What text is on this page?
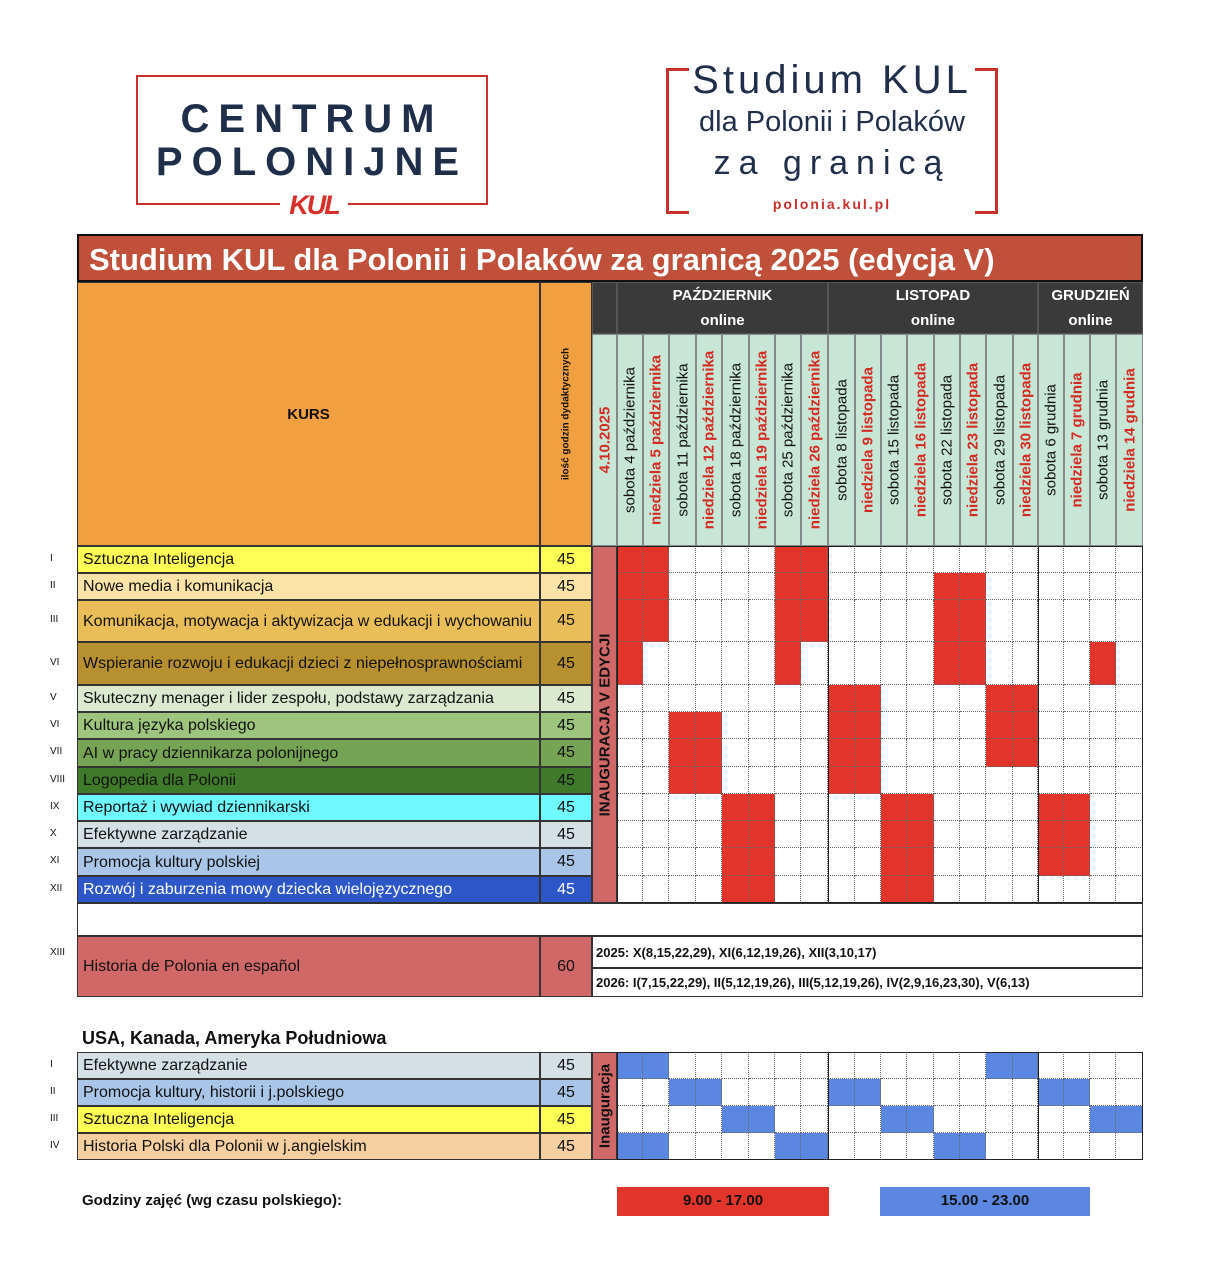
CENTRUM
POLONIJNE
KUL
Studium KUL
dla Polonii i Polaków
za granicą
polonia.kul.pl
Studium KUL dla Polonii i Polaków za granicą 2025 (edycja V)
KURS	ilość godzin dydaktycznych
PAŹDZIERNIK
online
LISTOPAD
online
GRUDZIEŃ
online
4.10.2025 sobota 4 października niedziela 5 października sobota 11 października niedziela 12 października sobota 18 października niedziela 19 października sobota 25 października niedziela 26 października sobota 8 listopada niedziela 9 listopada sobota 15 listopada niedziela 16 listopada sobota 22 listopada niedziela 23 listopada sobota 29 listopada niedziela 30 listopada sobota 6 grudnia niedziela 7 grudnia sobota 13 grudnia niedziela 14 grudnia
I	Sztuczna Inteligencja	45
II	Nowe media i komunikacja	45
III	Komunikacja, motywacja i aktywizacja w edukacji i wychowaniu	45
VI	Wspieranie rozwoju i edukacji dzieci z niepełnosprawnościami	45
V	Skuteczny menager i lider zespołu, podstawy zarządzania	45
VI	Kultura języka polskiego	45
VII	AI w pracy dziennikarza polonijnego	45
VIII	Logopedia dla Polonii	45
IX	Reportaż i wywiad dziennikarski	45
X	Efektywne zarządzanie	45
XI	Promocja kultury polskiej	45
XII	Rozwój i zaburzenia mowy dziecka wielojęzycznego	45
INAUGURACJA V EDYCJI
XIII
Historia de Polonia en español	60
2025: X(8,15,22,29), XI(6,12,19,26), XII(3,10,17)
2026: I(7,15,22,29), II(5,12,19,26), III(5,12,19,26), IV(2,9,16,23,30), V(6,13)
USA, Kanada, Ameryka Południowa
I	Efektywne zarządzanie	45
II	Promocja kultury, historii i j.polskiego	45
III	Sztuczna Inteligencja	45
IV	Historia Polski dla Polonii w j.angielskim	45	Inauguracja
Godziny zajęć (wg czasu polskiego):	9.00 - 17.00	15.00 - 23.00
